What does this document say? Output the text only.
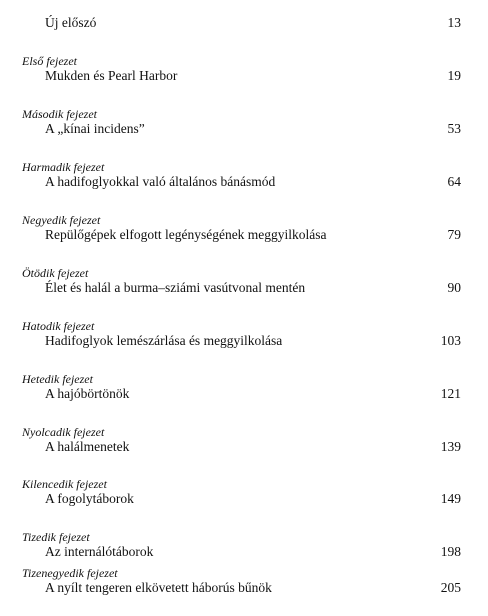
Új előszó	13
Első fejezet
Mukden és Pearl Harbor	19
Második fejezet
A „kínai incidens”	53
Harmadik fejezet
A hadifoglyokkal való általános bánásmód	64
Negyedik fejezet
Repülőgépek elfogott legénységének meggyilkolása	79
Ötödik fejezet
Élet és halál a burma–sziámi vasútvonal mentén	90
Hatodik fejezet
Hadifoglyok lemészárlása és meggyilkolása	103
Hetedik fejezet
A hajóbörtönök	121
Nyolcadik fejezet
A halálmenetek	139
Kilencedik fejezet
A fogolytáborok	149
Tizedik fejezet
Az internálótáborok	198
Tizenegyedik fejezet
A nyílt tengeren elkövetett háborús bűnök	205
